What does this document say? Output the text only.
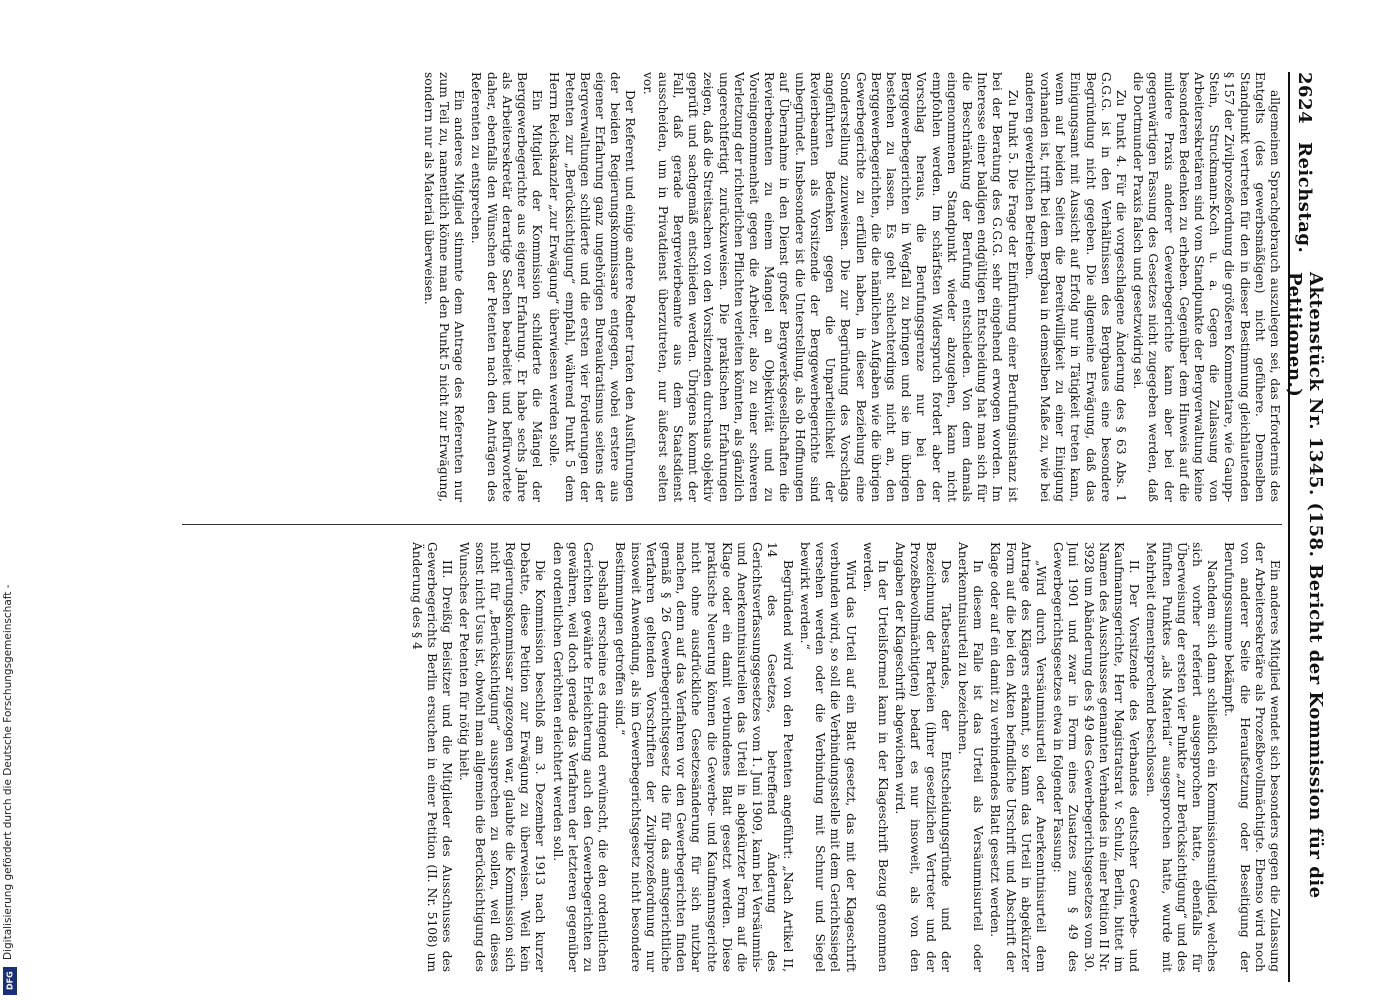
Digitalisierung gefördert durch die Deutsche Forschungsgemeinschaft -
DFG
2624
Reichstag.
Aktenstück Nr. 1345. (158. Bericht der Kommission für die Petitionen.)

allgemeinen Sprachgebrauch auszulegen sei, das Erfordernis des Entgelts (des gewerbsmäßigen) nicht gefühere. Demselben Standpunkt vertreten für den in dieser Bestimmung gleichlautenden § 157 der Zivilprozeßordnung die größeren Kommentare, wie Gaupp-Stein, Struckmann-Koch u. a. Gegen die Zulassung von Arbeitersekretären sind vom Standpunkte der Bergverwaltung keine besonderen Bedenken zu erheben. Gegenüber dem Hinweis auf die mildere Praxis anderer Gewerbegerichte kann aber bei der gegenwärtigen Fassung des Gesetzes nicht zugegeben werden, daß die Dortmunder Praxis falsch und gesetzwidrig sei.

Zu Punkt 4. Für die vorgeschlagene Änderung des § 63 Abs. 1 G.G.G. ist in den Verhältnissen des Bergbaues eine besondere Begründung nicht gegeben. Die allgemeine Erwägung, daß das Einigungsamt mit Aussicht auf Erfolg nur in Tätigkeit treten kann, wenn auf beiden Seiten die Bereitwilligkeit zu einer Einigung vorhanden ist, trifft bei dem Bergbau in demselben Maße zu, wie bei anderen gewerblichen Betrieben.

Zu Punkt 5. Die Frage der Einführung einer Berufungsinstanz ist bei der Beratung des G.G.G. sehr eingehend erwogen worden. Im Interesse einer baldigen endgültigen Entscheidung hat man sich für die Beschränkung der Berufung entschieden. Von dem damals eingenommenen Standpunkt wieder abzugehen, kann nicht empfohlen werden. Im schärfsten Widerspruch fordert aber der Vorschlag heraus, die Berufungsgrenze nur bei den Berggewerbegerichten in Wegfall zu bringen und sie im übrigen bestehen zu lassen. Es geht schlechterdings nicht an, den Berggewerbegerichten, die die nämlichen Aufgaben wie die übrigen Gewerbegerichte zu erfüllen haben, in dieser Beziehung eine Sonderstellung zuzuweisen. Die zur Begründung des Vorschlags angeführten Bedenken gegen die Unparteilichkeit der Revierbeamten als Vorsitzende der Berggewerbegerichte sind unbegründet. Insbesondere ist die Unterstellung, als ob Hoffnungen auf Übernahme in den Dienst großer Bergwerksgesellschaften die Revierbeamten zu einem Mangel an Objektivität und zu Voreingenommenheit gegen die Arbeiter, also zu einer schweren Verletzung der richterlichen Pflichten verleiten könnten, als gänzlich ungerechtfertigt zurückzuweisen. Die praktischen Erfahrungen zeigen, daß die Streitsachen von den Vorsitzenden durchaus objektiv geprüft und sachgemäß entschieden werden. Übrigens kommt der Fall, daß gerade Bergrevierbeamte aus dem Staatsdienst ausscheiden, um in Privatdienst überzutreten, nur äußerst selten vor.

Der Referent und einige andere Redner traten den Ausführungen der beiden Regierungskommissare entgegen, wobei erstere aus eigener Erfahrung ganz ungehörigen Bureaukratismus seitens der Bergverwaltungen schilderte und die ersten vier Forderungen der Petenten zur „Berücksichtigung“ empfahl, während Punkt 5 dem Herrn Reichskanzler „zur Erwägung“ überwiesen werden solle.

Ein Mitglied der Kommission schilderte die Mängel der Berggewerbegerichte aus eigener Erfahrung. Er habe sechs Jahre als Arbeitersekretär derartige Sachen bearbeitet und befürwortete daher, ebenfalls den Wünschen der Petenten nach den Anträgen des Referenten zu entsprechen.

Ein anderes Mitglied stimmte dem Antrage des Referenten nur zum Teil zu, namentlich könne man den Punkt 5 nicht zur Erwägung, sondern nur als Material überweisen.

Ein anderes Mitglied wendet sich besonders gegen die Zulassung der Arbeitersekretäre als Prozeßbevollmächtigte. Ebenso wird noch von anderer Seite die Heraufsetzung oder Beseitigung der Berufungssumme bekämpft.

Nachdem sich dann schließlich ein Kommissionsmitglied, welches sich vorher referiert ausgesprochen hatte, ebenfalls für Überweisung der ersten vier Punkte „zur Berücksichtigung“ und des fünften Punktes „als Material“ ausgesprochen hatte, wurde mit Mehrheit dementsprechend beschlossen.

II. Der Vorsitzende des Verbandes deutscher Gewerbe- und Kaufmannsgerichte, Herr Magistratsrat v. Schulz, Berlin, bittet im Namen des Ausschusses genannten Verbandes in einer Petition II Nr. 3928 um Abänderung des § 49 des Gewerbegerichtsgesetzes vom 30. Juni 1901 und zwar in Form eines Zusatzes zum § 49 des Gewerbegerichtsgesetzes etwa in folgender Fassung:

„Wird durch Versäumnisurteil oder Anerkenntnisurteil dem Antrage des Klägers erkannt, so kann das Urteil in abgekürzter Form auf die bei den Akten befindliche Urschrift und Abschrift der Klage oder auf ein damit zu verbindendes Blatt gesetzt werden.

In diesem Falle ist das Urteil als Versäumnisurteil oder Anerkenntnisurteil zu bezeichnen.

Des Tatbestandes, der Entscheidungsgründe und der Bezeichnung der Parteien (ihrer gesetzlichen Vertreter und der Prozeßbevollmächtigten) bedarf es nur insoweit, als von den Angaben der Klageschrift abgewichen wird.

In der Urteilsformel kann in der Klageschrift Bezug genommen werden.

Wird das Urteil auf ein Blatt gesetzt, das mit der Klageschrift verbunden wird, so soll die Verbindungsstelle mit dem Gerichtssiegel versehen werden oder die Verbindung mit Schnur und Siegel bewirkt werden.“

Begründend wird von den Petenten angeführt: „Nach Artikel II, 14 des Gesetzes, betreffend Änderung des Gerichtsverfassungsgesetzes vom 1. Juni 1909, kann bei Versäumnis- und Anerkenntnisurteilen das Urteil in abgekürzter Form auf die Klage oder ein damit verbundenes Blatt gesetzt werden. Diese praktische Neuerung können die Gewerbe- und Kaufmannsgerichte nicht ohne ausdrückliche Gesetzesänderung für sich nutzbar machen, denn auf das Verfahren vor den Gewerbegerichten finden gemäß § 26 Gewerbegerichtsgesetz die für das amtsgerichtliche Verfahren geltenden Vorschriften der Zivilprozeßordnung nur insoweit Anwendung, als im Gewerbegerichtsgesetz nicht besondere Bestimmungen getroffen sind.“

Deshalb erscheine es dringend erwünscht, die den ordentlichen Gerichten gewährte Erleichterung auch den Gewerbegerichten zu gewähren, weil doch gerade das Verfahren der letzteren gegenüber den ordentlichen Gerichten erleichtert werden soll.

Die Kommission beschloß am 3. Dezember 1913 nach kurzer Debatte, diese Petition zur Erwägung zu überweisen. Weil kein Regierungskommissar zugezogen war, glaubte die Kommission sich nicht für „Berücksichtigung“ aussprechen zu sollen, weil dieses sonst nicht Usus ist, obwohl man allgemein die Berücksichtigung des Wunsches der Petenten für nötig hielt.

III. Dreißig Beisitzer und die Mitglieder des Ausschusses des Gewerbegerichts Berlin ersuchen in einer Petition (II. Nr. 5108) um Änderung des § 4
